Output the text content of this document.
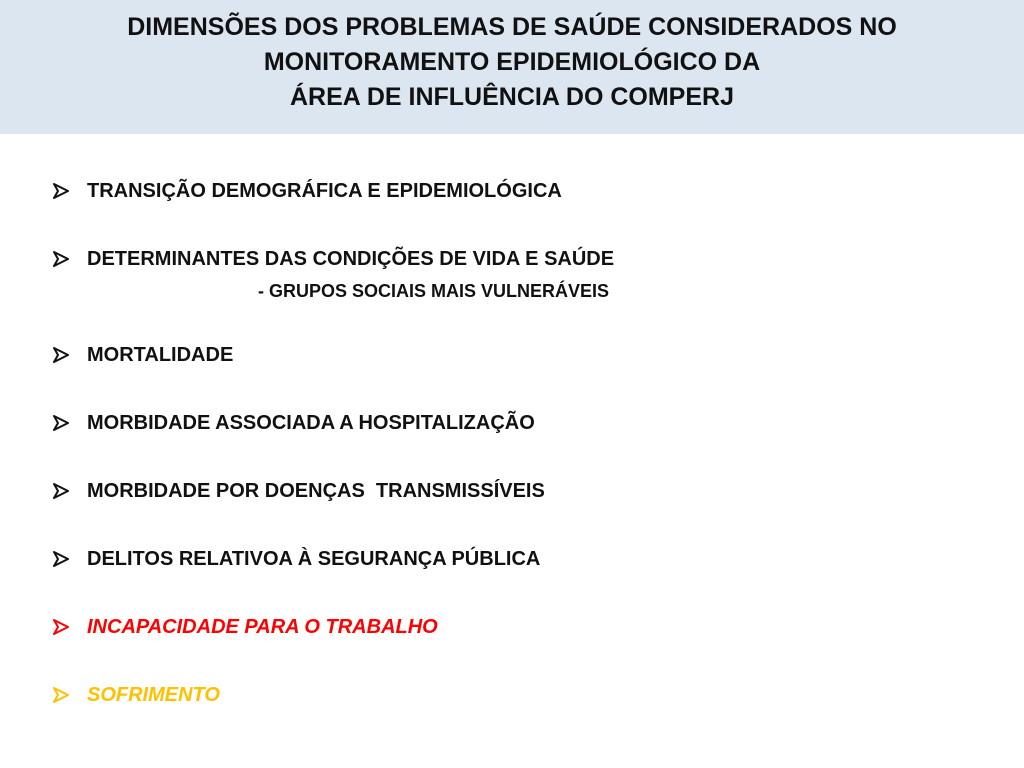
DIMENSÕES DOS PROBLEMAS DE SAÚDE CONSIDERADOS NO
MONITORAMENTO EPIDEMIOLÓGICO DA
ÁREA DE INFLUÊNCIA DO COMPERJ
TRANSIÇÃO DEMOGRÁFICA E EPIDEMIOLÓGICA
DETERMINANTES DAS CONDIÇÕES DE VIDA E SAÚDE
- GRUPOS SOCIAIS MAIS VULNERÁVEIS
MORTALIDADE
MORBIDADE ASSOCIADA A HOSPITALIZAÇÃO
MORBIDADE POR DOENÇAS  TRANSMISSÍVEIS
DELITOS RELATIVOA À SEGURANÇA PÚBLICA
INCAPACIDADE PARA O TRABALHO
SOFRIMENTO
